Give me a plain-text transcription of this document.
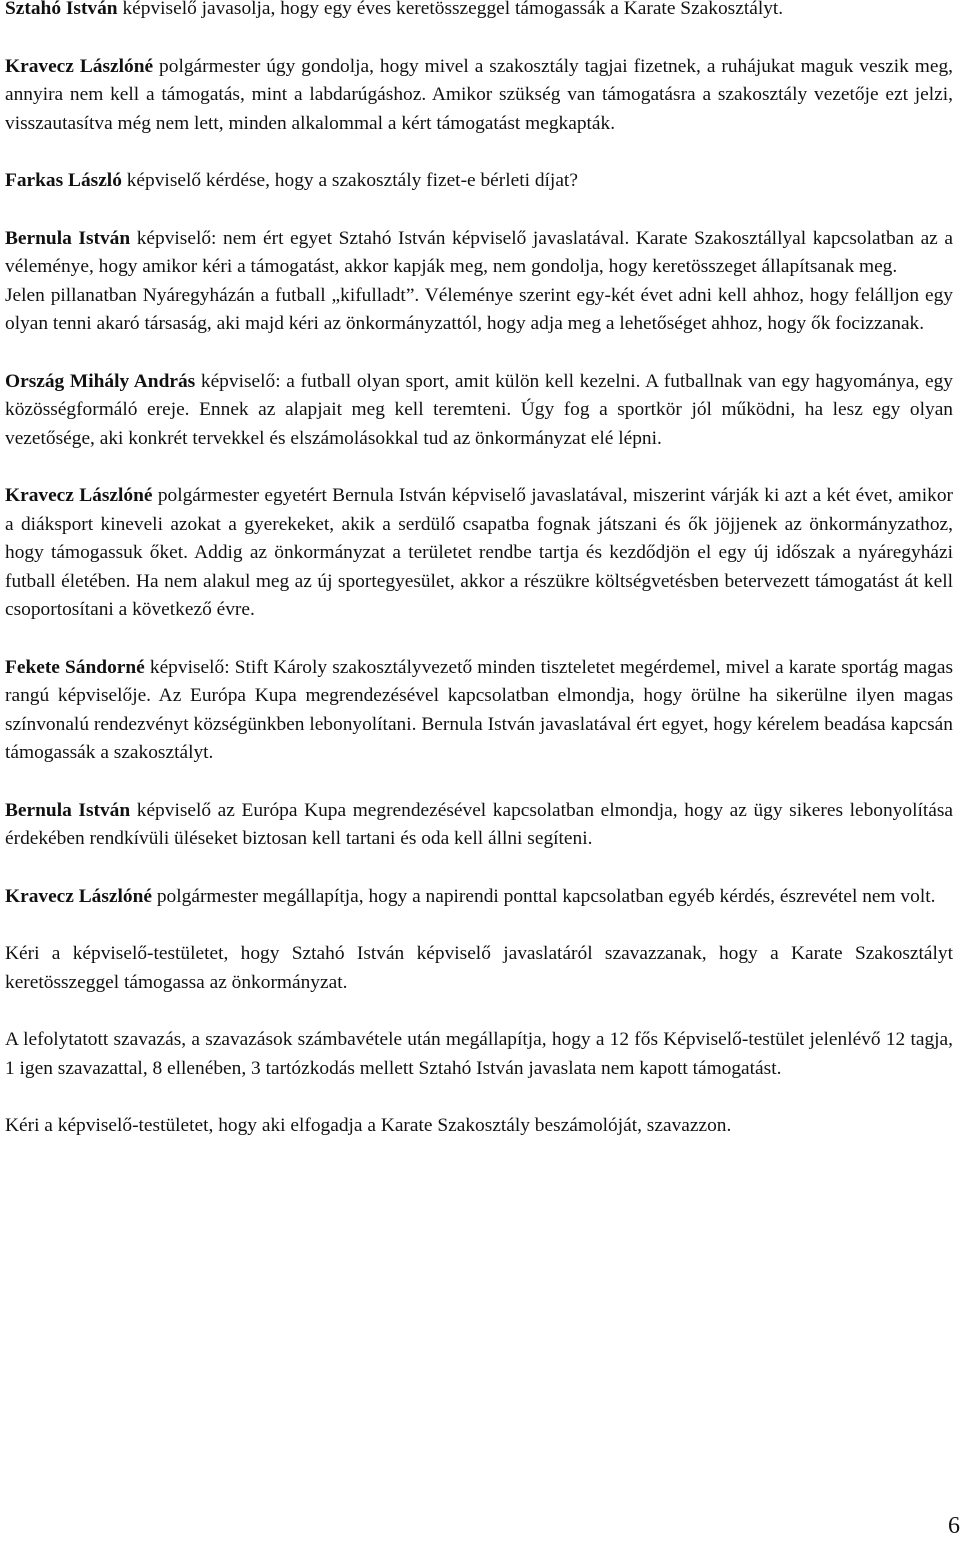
Sztahó István képviselő javasolja, hogy egy éves keretösszeggel támogassák a Karate Szakosztályt.

Kravecz Lászlóné polgármester úgy gondolja, hogy mivel a szakosztály tagjai fizetnek, a ruhájukat maguk veszik meg, annyira nem kell a támogatás, mint a labdarúgáshoz. Amikor szükség van támogatásra a szakosztály vezetője ezt jelzi, visszautasítva még nem lett, minden alkalommal a kért támogatást megkapták.

Farkas László képviselő kérdése, hogy a szakosztály fizet-e bérleti díjat?

Bernula István képviselő: nem ért egyet Sztahó István képviselő javaslatával. Karate Szakosztállyal kapcsolatban az a véleménye, hogy amikor kéri a támogatást, akkor kapják meg, nem gondolja, hogy keretösszeget állapítsanak meg.
Jelen pillanatban Nyáregyházán a futball „kifulladt”. Véleménye szerint egy-két évet adni kell ahhoz, hogy felálljon egy olyan tenni akaró társaság, aki majd kéri az önkormányzattól, hogy adja meg a lehetőséget ahhoz, hogy ők focizzanak.

Ország Mihály András képviselő: a futball olyan sport, amit külön kell kezelni. A futballnak van egy hagyománya, egy közösségformáló ereje. Ennek az alapjait meg kell teremteni. Úgy fog a sportkör jól működni, ha lesz egy olyan vezetősége, aki konkrét tervekkel és elszámolásokkal tud az önkormányzat elé lépni.

Kravecz Lászlóné polgármester egyetért Bernula István képviselő javaslatával, miszerint várják ki azt a két évet, amikor a diáksport kineveli azokat a gyerekeket, akik a serdülő csapatba fognak játszani és ők jöjjenek az önkormányzathoz, hogy támogassuk őket. Addig az önkormányzat a területet rendbe tartja és kezdődjön el egy új időszak a nyáregyházi futball életében. Ha nem alakul meg az új sportegyesület, akkor a részükre költségvetésben betervezett támogatást át kell csoportosítani a következő évre.

Fekete Sándorné képviselő: Stift Károly szakosztályvezető minden tiszteletet megérdemel, mivel a karate sportág magas rangú képviselője. Az Európa Kupa megrendezésével kapcsolatban elmondja, hogy örülne ha sikerülne ilyen magas színvonalú rendezvényt községünkben lebonyolítani. Bernula István javaslatával ért egyet, hogy kérelem beadása kapcsán támogassák a szakosztályt.

Bernula István képviselő az Európa Kupa megrendezésével kapcsolatban elmondja, hogy az ügy sikeres lebonyolítása érdekében rendkívüli üléseket biztosan kell tartani és oda kell állni segíteni.

Kravecz Lászlóné polgármester megállapítja, hogy a napirendi ponttal kapcsolatban egyéb kérdés, észrevétel nem volt.

Kéri a képviselő-testületet, hogy Sztahó István képviselő javaslatáról szavazzanak, hogy a Karate Szakosztályt keretösszeggel támogassa az önkormányzat.

A lefolytatott szavazás, a szavazások számbavétele után megállapítja, hogy a 12 fős Képviselő-testület jelenlévő 12 tagja, 1 igen szavazattal, 8 ellenében, 3 tartózkodás mellett Sztahó István javaslata nem kapott támogatást.

Kéri a képviselő-testületet, hogy aki elfogadja a Karate Szakosztály beszámolóját, szavazzon.

6
